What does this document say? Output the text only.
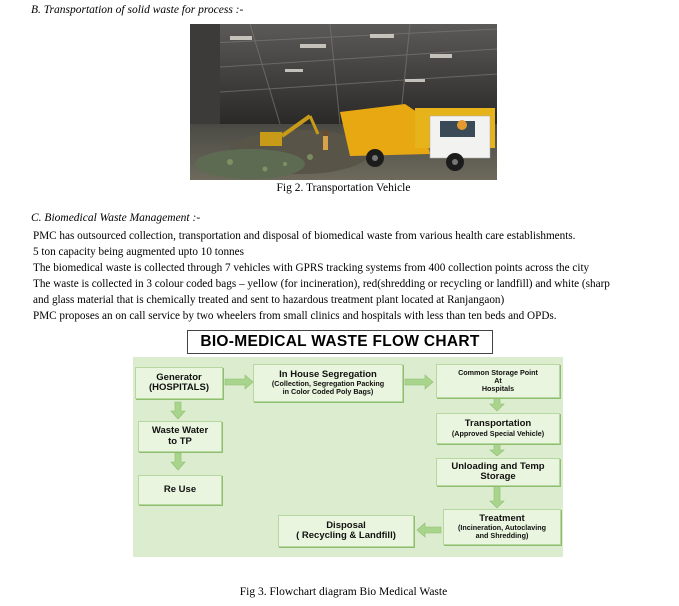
B. Transportation of solid waste for process :-
Fig 2. Transportation Vehicle
C. Biomedical Waste Management :-
PMC has outsourced collection, transportation and disposal of biomedical waste from various health care establishments.
5 ton capacity being augmented upto 10 tonnes
The biomedical waste is collected through 7 vehicles with GPRS tracking systems from 400 collection points across the city
The waste is collected in 3 colour coded bags – yellow (for incineration), red(shredding or recycling or landfill) and white (sharp
and glass material that is chemically treated and sent to hazardous treatment plant located at Ranjangaon)
PMC proposes an on call service by two wheelers from small clinics and hospitals with less than ten beds and OPDs.
BIO-MEDICAL WASTE FLOW CHART
Generator
(HOSPITALS)
In House Segregation
(Collection, Segregation Packing
in Color Coded Poly Bags)
Common Storage Point
At
Hospitals
Waste Water
to TP
Transportation
(Approved Special Vehicle)
Unloading and Temp
Storage
Re Use
Treatment
(Incineration, Autoclaving
and Shredding)
Disposal
( Recycling & Landfill)
Fig 3. Flowchart diagram Bio Medical Waste
